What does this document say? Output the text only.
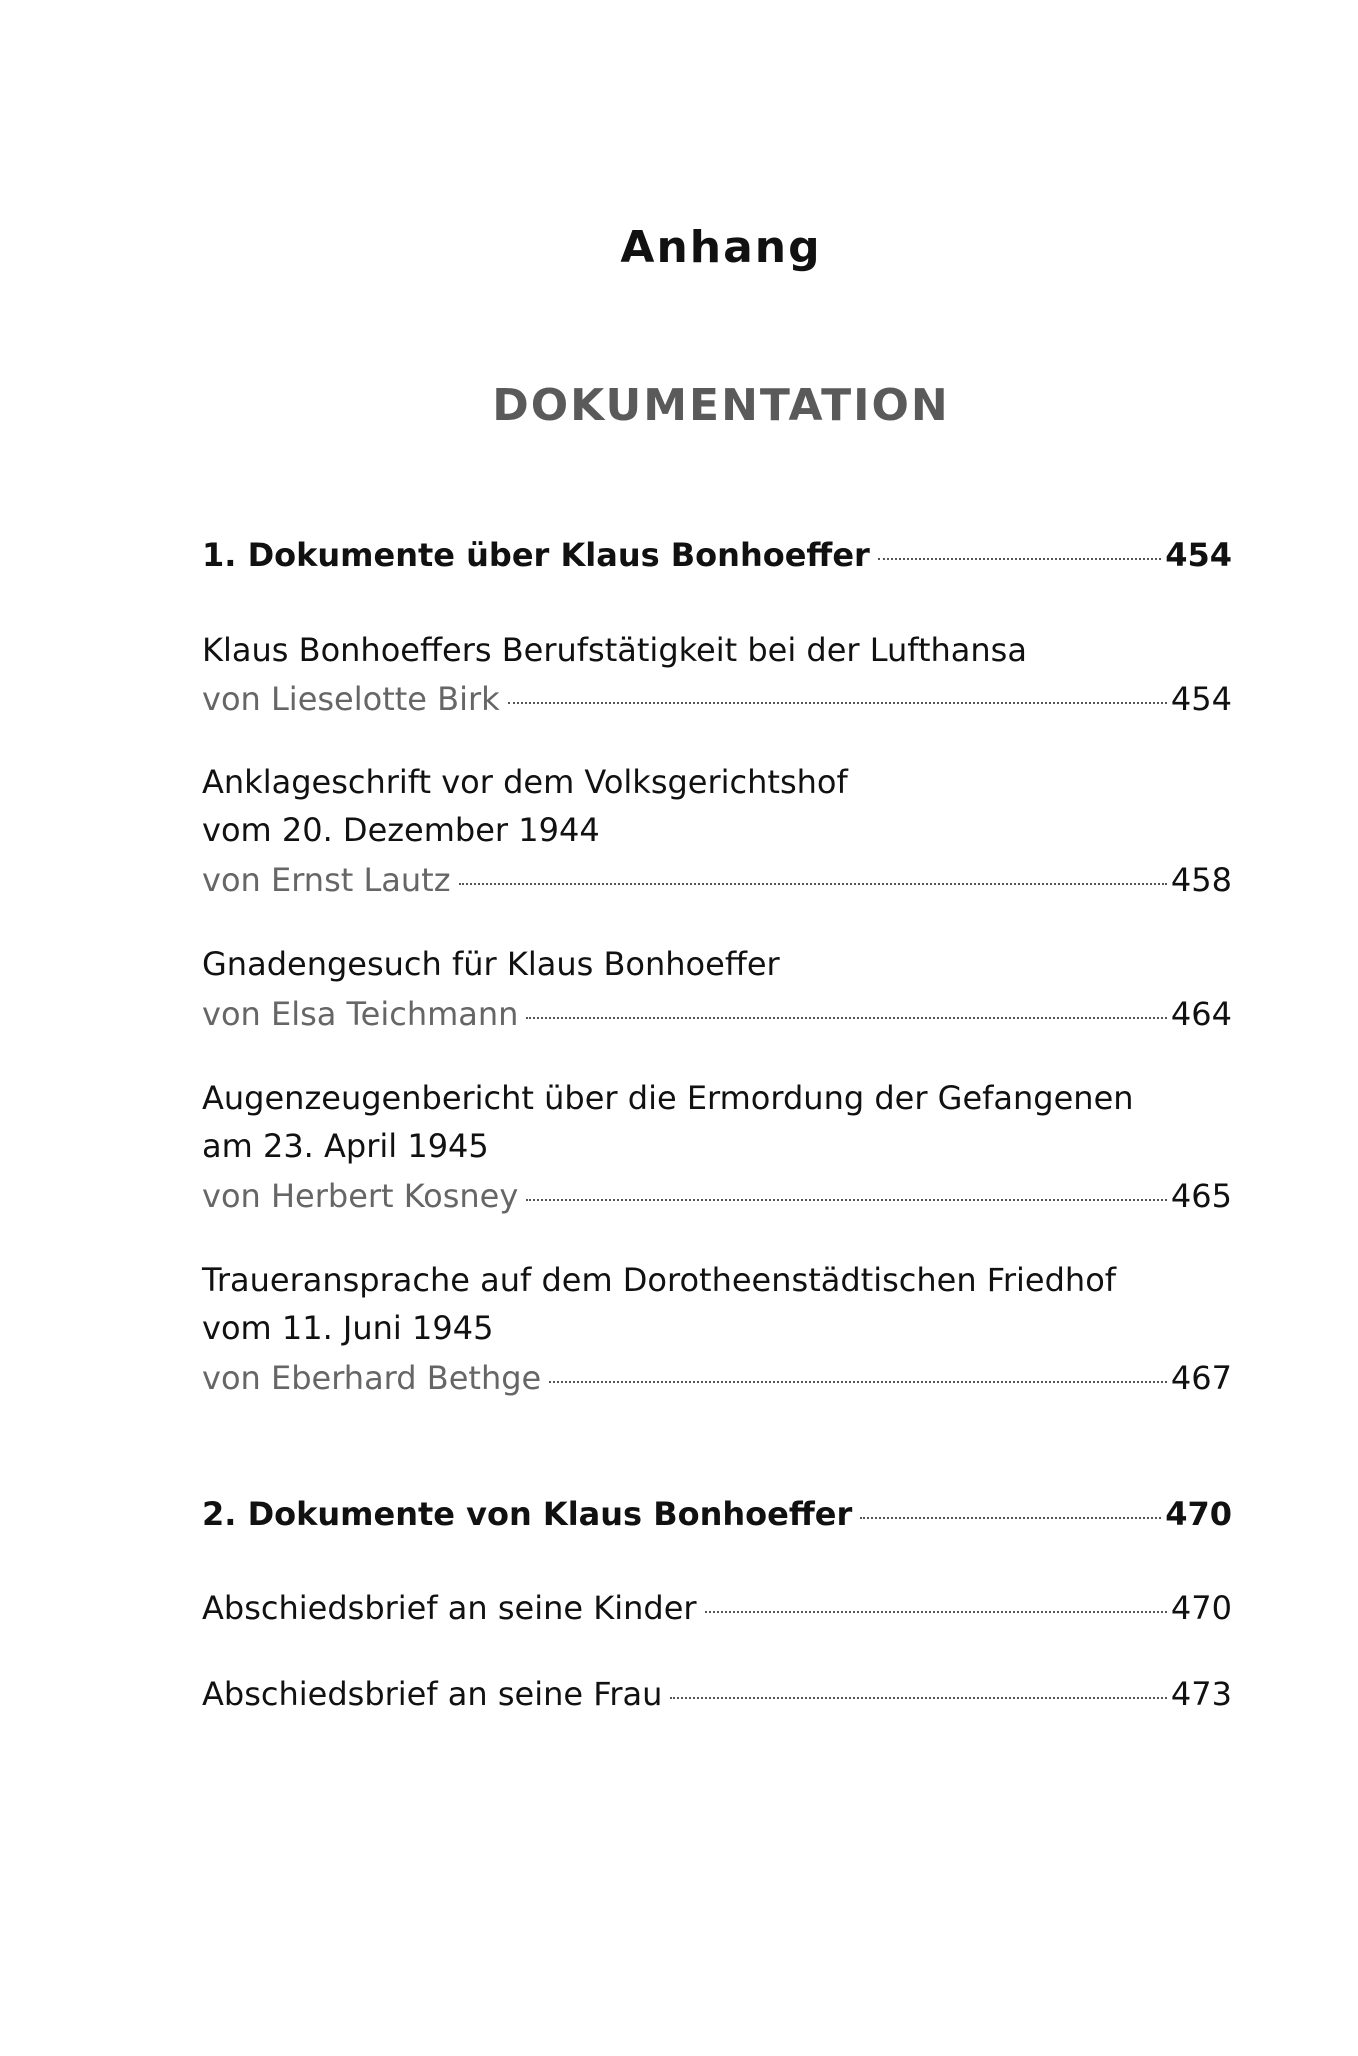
Anhang
DOKUMENTATION
1. Dokumente über Klaus Bonhoeffer	454
Klaus Bonhoeffers Berufstätigkeit bei der Lufthansa
von Lieselotte Birk	454
Anklageschrift vor dem Volksgerichtshof
vom 20. Dezember 1944
von Ernst Lautz	458
Gnadengesuch für Klaus Bonhoeffer
von Elsa Teichmann	464
Augenzeugenbericht über die Ermordung der Gefangenen
am 23. April 1945
von Herbert Kosney	465
Traueransprache auf dem Dorotheenstädtischen Friedhof
vom 11. Juni 1945
von Eberhard Bethge	467
2. Dokumente von Klaus Bonhoeffer	470
Abschiedsbrief an seine Kinder	470
Abschiedsbrief an seine Frau	473
